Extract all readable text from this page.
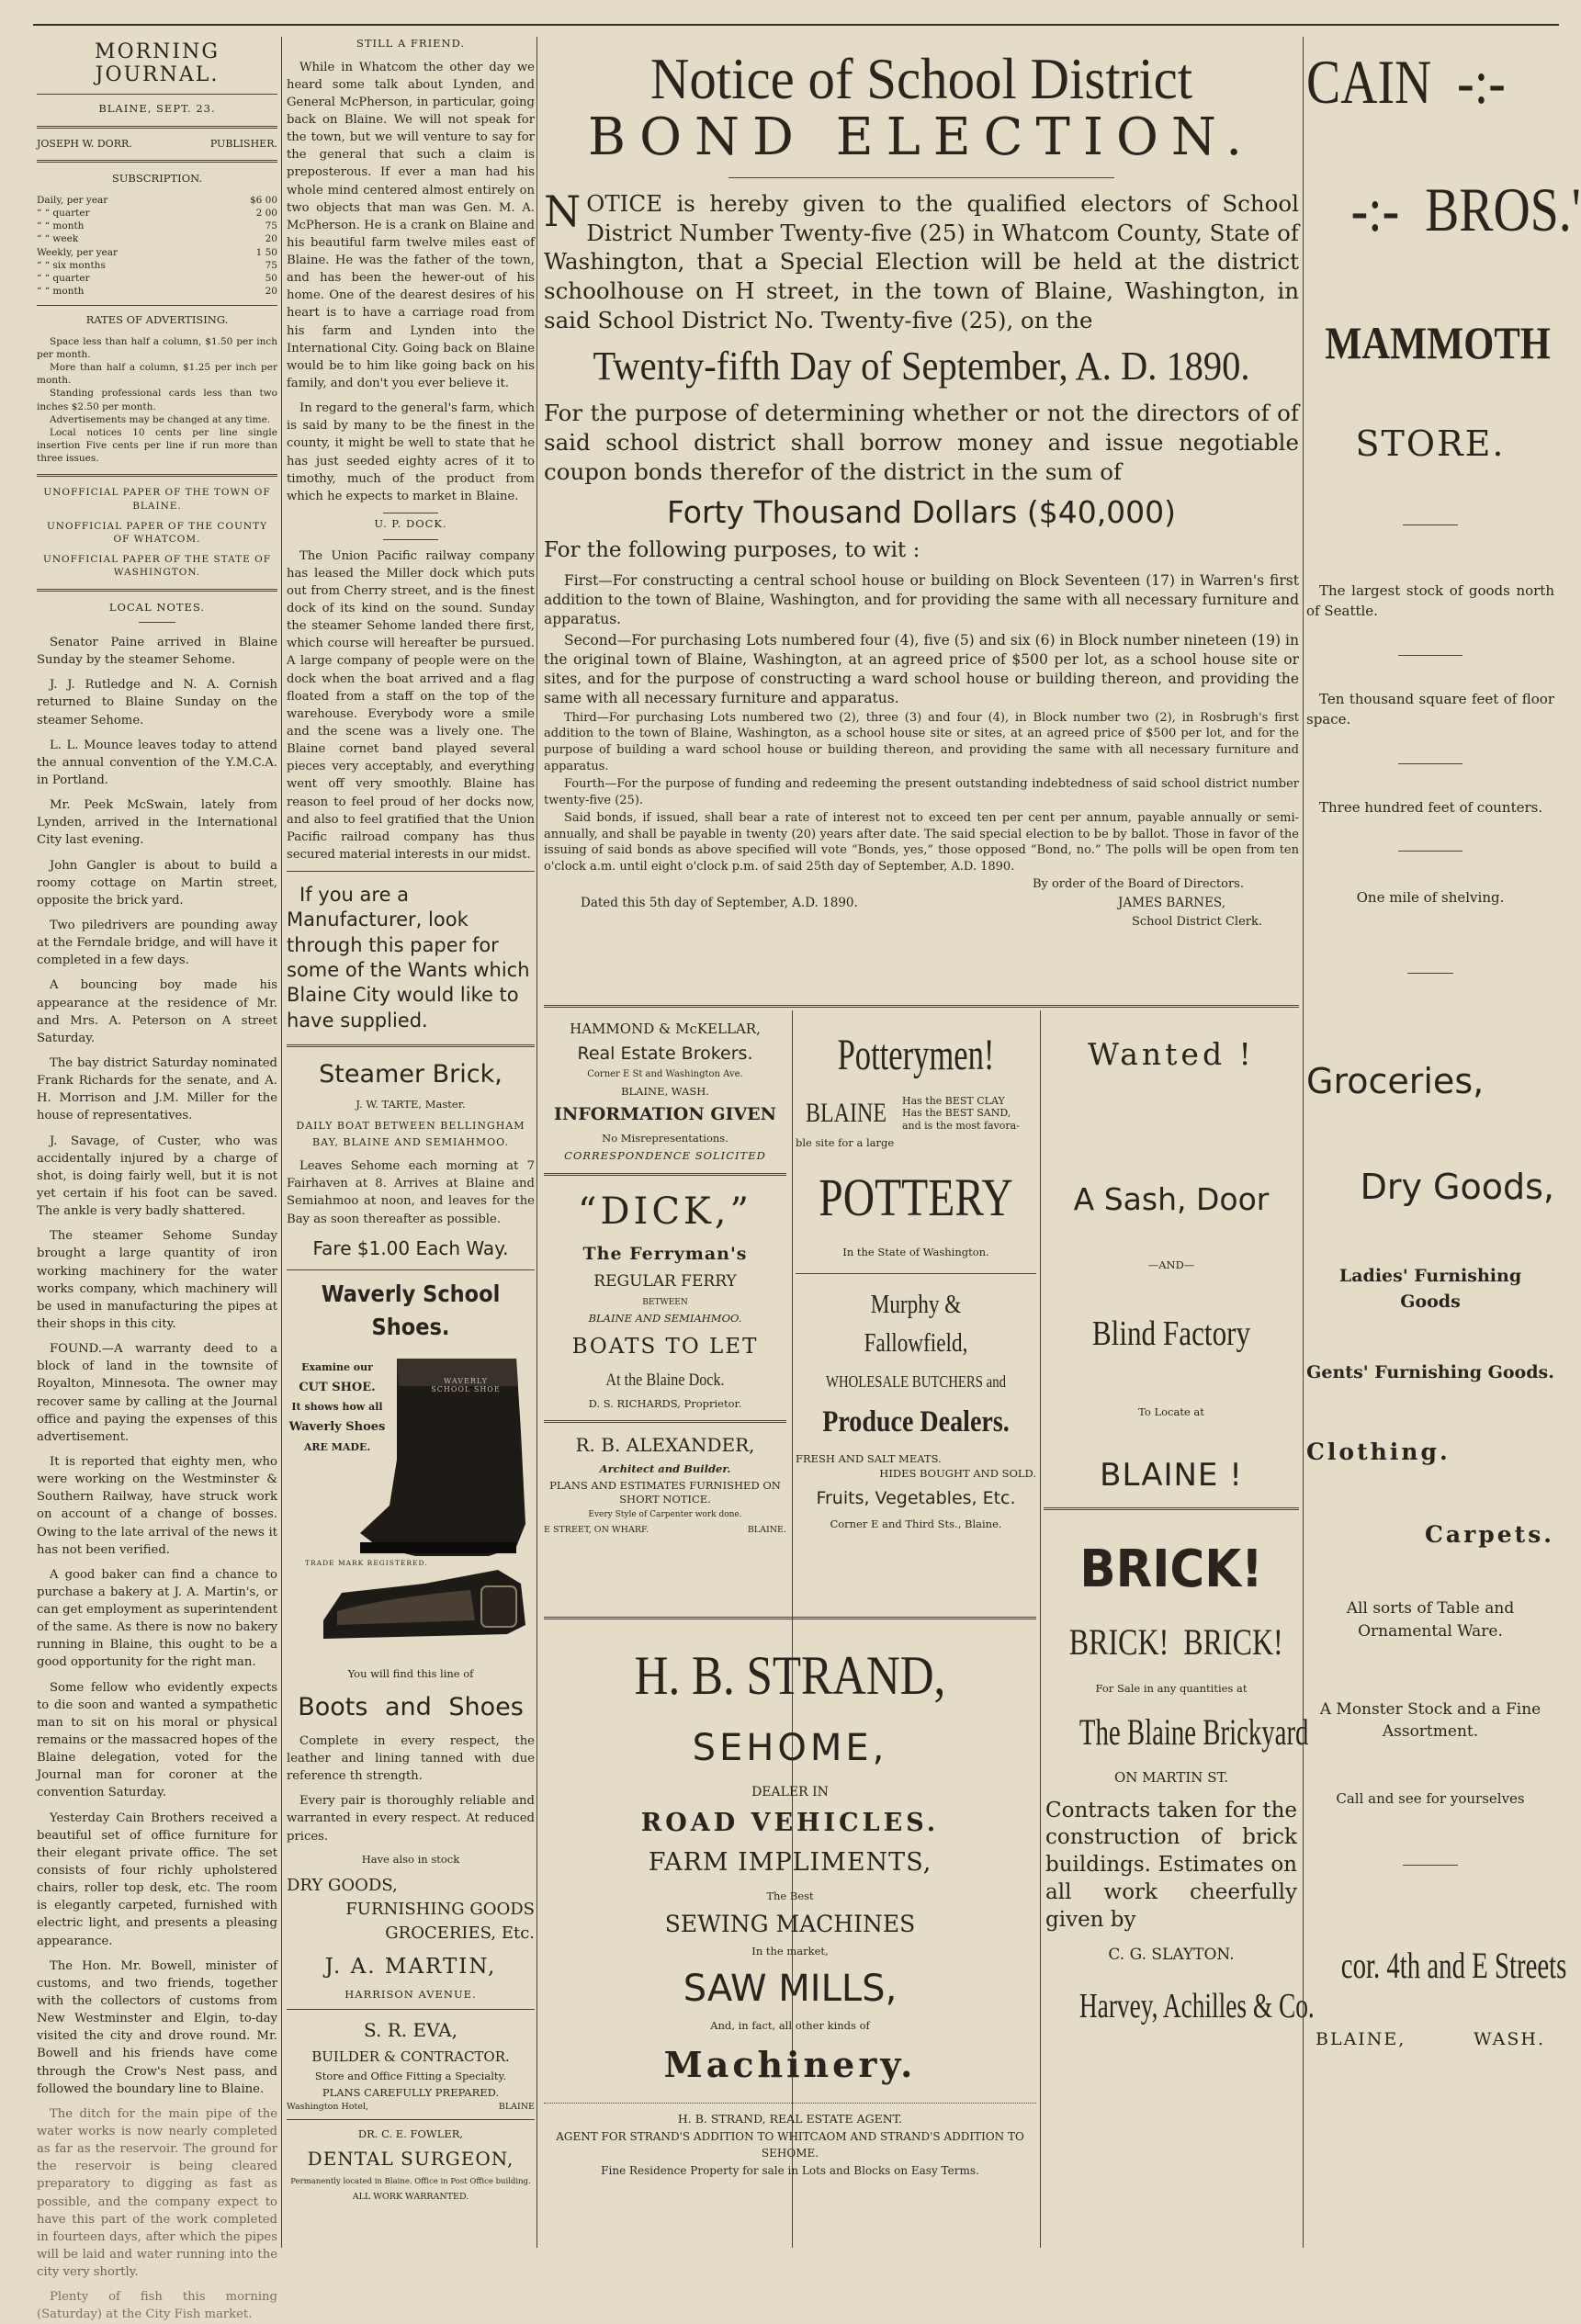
MORNING JOURNAL.

BLAINE, SEPT. 23.

JOSEPH W. DORR.	PUBLISHER.

SUBSCRIPTION.

Daily, per year	$6 00
“ “ quarter	2 00
“ “ month	75
“ “ week	20
Weekly, per year	1 50
“ “ six months	75
“ “ quarter	50
“ “ month	20

RATES OF ADVERTISING.

Space less than half a column, $1.50 per inch per month.

More than half a column, $1.25 per inch per month.

Standing professional cards less than two inches $2.50 per month.

Advertisements may be changed at any time.

Local notices 10 cents per line single insertion Five cents per line if run more than three issues.

UNOFFICIAL PAPER OF THE TOWN OF BLAINE.

UNOFFICIAL PAPER OF THE COUNTY OF WHATCOM.

UNOFFICIAL PAPER OF THE STATE OF WASHINGTON.

LOCAL NOTES.

Senator Paine arrived in Blaine Sunday by the steamer Sehome.

J. J. Rutledge and N. A. Cornish returned to Blaine Sunday on the steamer Sehome.

L. L. Mounce leaves today to attend the annual convention of the Y.M.C.A. in Portland.

Mr. Peek McSwain, lately from Lynden, arrived in the International City last evening.

John Gangler is about to build a roomy cottage on Martin street, opposite the brick yard.

Two piledrivers are pounding away at the Ferndale bridge, and will have it completed in a few days.

A bouncing boy made his appearance at the residence of Mr. and Mrs. A. Peterson on A street Saturday.

The bay district Saturday nominated Frank Richards for the senate, and A. H. Morrison and J.M. Miller for the house of representatives.

J. Savage, of Custer, who was accidentally injured by a charge of shot, is doing fairly well, but it is not yet certain if his foot can be saved. The ankle is very badly shattered.

The steamer Sehome Sunday brought a large quantity of iron working machinery for the water works company, which machinery will be used in manufacturing the pipes at their shops in this city.

FOUND.—A warranty deed to a block of land in the townsite of Royalton, Minnesota. The owner may recover same by calling at the Journal office and paying the expenses of this advertisement.

It is reported that eighty men, who were working on the Westminster & Southern Railway, have struck work on account of a change of bosses. Owing to the late arrival of the news it has not been verified.

A good baker can find a chance to purchase a bakery at J. A. Martin's, or can get employment as superintendent of the same. As there is now no bakery running in Blaine, this ought to be a good opportunity for the right man.

Some fellow who evidently expects to die soon and wanted a sympathetic man to sit on his moral or physical remains or the massacred hopes of the Blaine delegation, voted for the Journal man for coroner at the convention Saturday.

Yesterday Cain Brothers received a beautiful set of office furniture for their elegant private office. The set consists of four richly upholstered chairs, roller top desk, etc. The room is elegantly carpeted, furnished with electric light, and presents a pleasing appearance.

The Hon. Mr. Bowell, minister of customs, and two friends, together with the collectors of customs from New Westminster and Elgin, to-day visited the city and drove round. Mr. Bowell and his friends have come through the Crow's Nest pass, and followed the boundary line to Blaine.

The ditch for the main pipe of the water works is now nearly completed as far as the reservoir. The ground for the reservoir is being cleared preparatory to digging as fast as possible, and the company expect to have this part of the work completed in fourteen days, after which the pipes will be laid and water running into the city very shortly.

Plenty of fish this morning (Saturday) at the City Fish market.

STILL A FRIEND.

While in Whatcom the other day we heard some talk about Lynden, and General McPherson, in particular, going back on Blaine. We will not speak for the town, but we will venture to say for the general that such a claim is preposterous. If ever a man had his whole mind centered almost entirely on two objects that man was Gen. M. A. McPherson. He is a crank on Blaine and his beautiful farm twelve miles east of Blaine. He was the father of the town, and has been the hewer-out of his home. One of the dearest desires of his heart is to have a carriage road from his farm and Lynden into the International City. Going back on Blaine would be to him like going back on his family, and don't you ever believe it.

In regard to the general's farm, which is said by many to be the finest in the county, it might be well to state that he has just seeded eighty acres of it to timothy, much of the product from which he expects to market in Blaine.

U. P. DOCK.

The Union Pacific railway company has leased the Miller dock which puts out from Cherry street, and is the finest dock of its kind on the sound. Sunday the steamer Sehome landed there first, which course will hereafter be pursued. A large company of people were on the dock when the boat arrived and a flag floated from a staff on the top of the warehouse. Everybody wore a smile and the scene was a lively one. The Blaine cornet band played several pieces very acceptably, and everything went off very smoothly. Blaine has reason to feel proud of her docks now, and also to feel gratified that the Union Pacific railroad company has thus secured material interests in our midst.

If you are a Manufacturer, look through this paper for some of the Wants which Blaine City would like to have supplied.

Steamer Brick,

J. W. TARTE, Master.

DAILY BOAT BETWEEN BELLINGHAM

BAY, BLAINE AND SEMIAHMOO.

Leaves Sehome each morning at 7 Fairhaven at 8. Arrives at Blaine and Semiahmoo at noon, and leaves for the Bay as soon thereafter as possible.

Fare $1.00 Each Way.

Waverly School Shoes.

Examine our
CUT SHOE.
It shows how all
Waverly Shoes
ARE MADE.
WAVERLY SCHOOL SHOE
TRADE MARK REGISTERED.

You will find this line of

Boots and Shoes

Complete in every respect, the leather and lining tanned with due reference th strength.

Every pair is thoroughly reliable and warranted in every respect. At reduced prices.

Have also in stock

DRY GOODS,

FURNISHING GOODS

GROCERIES, Etc.

J. A. MARTIN,

HARRISON AVENUE.

S. R. EVA,

BUILDER & CONTRACTOR.

Store and Office Fitting a Specialty.

PLANS CAREFULLY PREPARED.

Washington Hotel,	BLAINE

DR. C. E. FOWLER,

DENTAL SURGEON,

Permanently located in Blaine. Office in Post Office building.

ALL WORK WARRANTED.

Notice of School District
BOND ELECTION.

NOTICE is hereby given to the qualified electors of School District Number Twenty-five (25) in Whatcom County, State of Washington, that a Special Election will be held at the district schoolhouse on H street, in the town of Blaine, Washington, in said School District No. Twenty-five (25), on the

Twenty-fifth Day of September, A. D. 1890.

For the purpose of determining whether or not the directors of of said school district shall borrow money and issue negotiable coupon bonds therefor of the district in the sum of

Forty Thousand Dollars ($40,000)

For the following purposes, to wit :

First—For constructing a central school house or building on Block Seventeen (17) in Warren's first addition to the town of Blaine, Washington, and for providing the same with all necessary furniture and apparatus.

Second—For purchasing Lots numbered four (4), five (5) and six (6) in Block number nineteen (19) in the original town of Blaine, Washington, at an agreed price of $500 per lot, as a school house site or sites, and for the purpose of constructing a ward school house or building thereon, and providing the same with all necessary furniture and apparatus.

Third—For purchasing Lots numbered two (2), three (3) and four (4), in Block number two (2), in Rosbrugh's first addition to the town of Blaine, Washington, as a school house site or sites, at an agreed price of $500 per lot, and for the purpose of building a ward school house or building thereon, and providing the same with all necessary furniture and apparatus.

Fourth—For the purpose of funding and redeeming the present outstanding indebtedness of said school district number twenty-five (25).

Said bonds, if issued, shall bear a rate of interest not to exceed ten per cent per annum, payable annually or semi-annually, and shall be payable in twenty (20) years after date. The said special election to be by ballot. Those in favor of the issuing of said bonds as above specified will vote “Bonds, yes,” those opposed “Bond, no.” The polls will be open from ten o'clock a.m. until eight o'clock p.m. of said 25th day of September, A.D. 1890.

By order of the Board of Directors.

Dated this 5th day of September, A.D. 1890.	JAMES BARNES,

School District Clerk.

HAMMOND & McKELLAR,

Real Estate Brokers.

Corner E St and Washington Ave.

BLAINE, WASH.

INFORMATION GIVEN

No Misrepresentations.

CORRESPONDENCE SOLICITED

“DICK,”

The Ferryman's

REGULAR FERRY

BETWEEN

BLAINE AND SEMIAHMOO.

BOATS TO LET

At the Blaine Dock.

D. S. RICHARDS, Proprietor.

R. B. ALEXANDER,

Architect and Builder.

PLANS AND ESTIMATES FURNISHED ON SHORT NOTICE.

Every Style of Carpenter work done.

E STREET, ON WHARF.	BLAINE.

Potterymen!

BLAINE Has the BEST CLAY
Has the BEST SAND,
and is the most favora-

ble site for a large

POTTERY

In the State of Washington.

Murphy & Fallowfield,

WHOLESALE BUTCHERS and

Produce Dealers.

FRESH AND SALT MEATS.

HIDES BOUGHT AND SOLD.

Fruits, Vegetables, Etc.

Corner E and Third Sts., Blaine.

Wanted !

A Sash, Door

—AND—

Blind Factory

To Locate at

BLAINE !

BRICK!

BRICK!  BRICK!

For Sale in any quantities at

The Blaine Brickyard

ON MARTIN ST.

Contracts taken for the construction of brick buildings. Estimates on all work cheerfully given by

C. G. SLAYTON.

Harvey, Achilles & Co.

H. B. STRAND,

SEHOME,

DEALER IN

ROAD VEHICLES.

FARM IMPLIMENTS,

The Best

SEWING MACHINES

In the market,

SAW MILLS,

And, in fact, all other kinds of

Machinery.

H. B. STRAND, REAL ESTATE AGENT.

AGENT FOR STRAND'S ADDITION TO WHITCAOM AND STRAND'S ADDITION TO SEHOME.

Fine Residence Property for sale in Lots and Blocks on Easy Terms.

CAIN  -:-

-:-  BROS.'

MAMMOTH

STORE.

The largest stock of goods north of Seattle.

Ten thousand square feet of floor space.

Three hundred feet of counters.

One mile of shelving.

Groceries,

Dry Goods,

Ladies' Furnishing Goods

Gents' Furnishing Goods.

Clothing.

Carpets.

All sorts of Table and Ornamental Ware.

A Monster Stock and a Fine Assortment.

Call and see for yourselves

cor. 4th and E Streets

BLAINE,	WASH.
